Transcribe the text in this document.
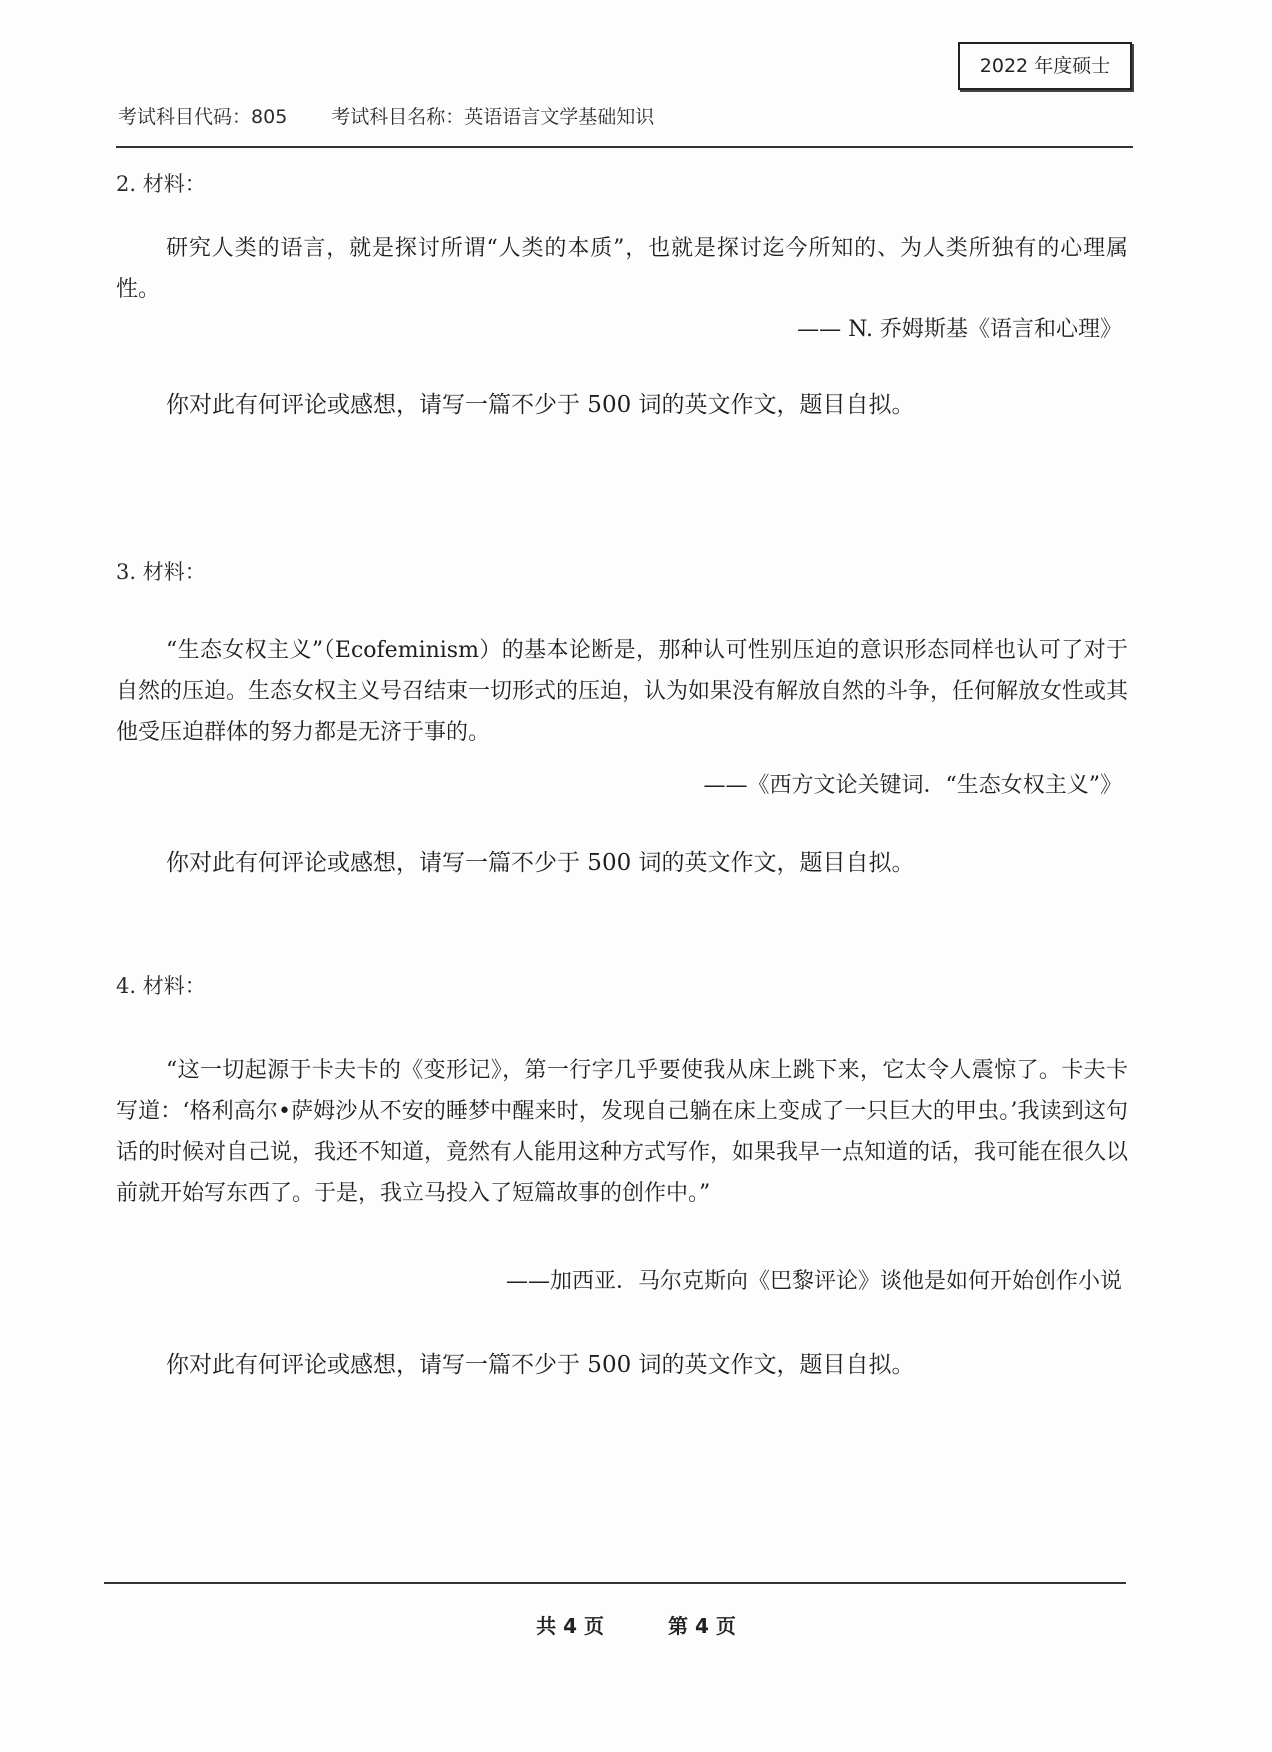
2022 年度硕士
考试科目代码：805 考试科目名称：英语语言文学基础知识
2. 材料：
研究人类的语言，就是探讨所谓“人类的本质”，也就是探讨迄今所知的、为人类所独有的心理属性。
—— N. 乔姆斯基《语言和心理》
你对此有何评论或感想，请写一篇不少于 500 词的英文作文，题目自拟。
3. 材料：
“生态女权主义”（Ecofeminism）的基本论断是，那种认可性别压迫的意识形态同样也认可了对于自然的压迫。生态女权主义号召结束一切形式的压迫，认为如果没有解放自然的斗争，任何解放女性或其他受压迫群体的努力都是无济于事的。
——《西方文论关键词．“生态女权主义”》
你对此有何评论或感想，请写一篇不少于 500 词的英文作文，题目自拟。
4. 材料：
“这一切起源于卡夫卡的《变形记》，第一行字几乎要使我从床上跳下来，它太令人震惊了。卡夫卡写道：‘格利高尔•萨姆沙从不安的睡梦中醒来时，发现自己躺在床上变成了一只巨大的甲虫。’我读到这句话的时候对自己说，我还不知道，竟然有人能用这种方式写作，如果我早一点知道的话，我可能在很久以前就开始写东西了。于是，我立马投入了短篇故事的创作中。”
——加西亚．马尔克斯向《巴黎评论》谈他是如何开始创作小说
你对此有何评论或感想，请写一篇不少于 500 词的英文作文，题目自拟。
共 4 页	第 4 页
